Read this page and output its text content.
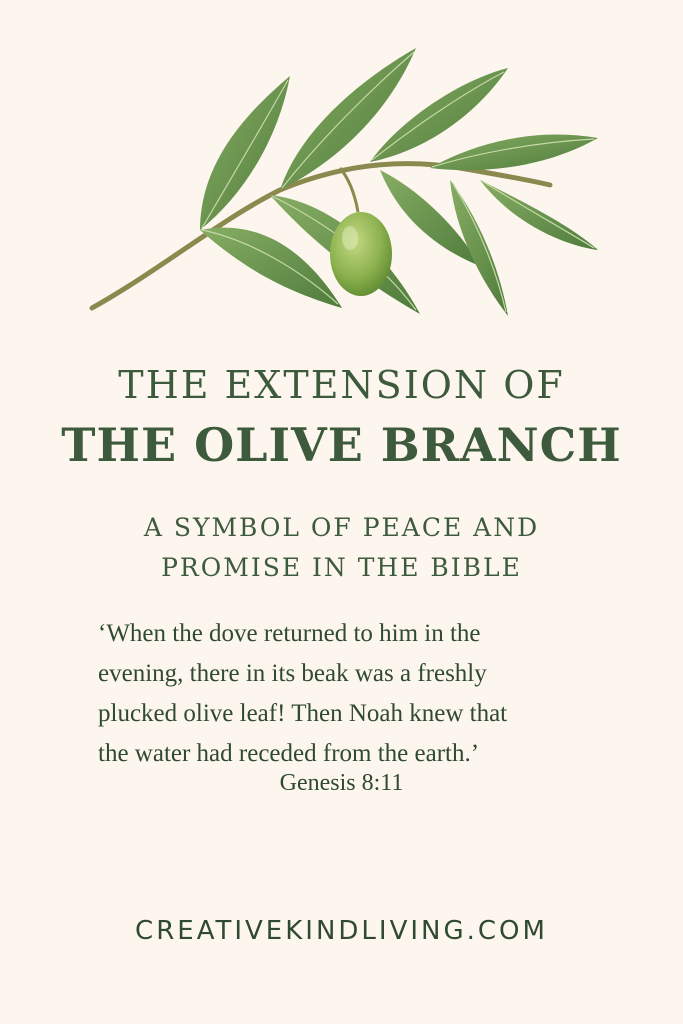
THE EXTENSION OF
THE OLIVE BRANCH
A SYMBOL OF PEACE AND
PROMISE IN THE BIBLE
‘When the dove returned to him in the
evening, there in its beak was a freshly
plucked olive leaf! Then Noah knew that
the water had receded from the earth.’
Genesis 8:11
CREATIVEKINDLIVING.COM
